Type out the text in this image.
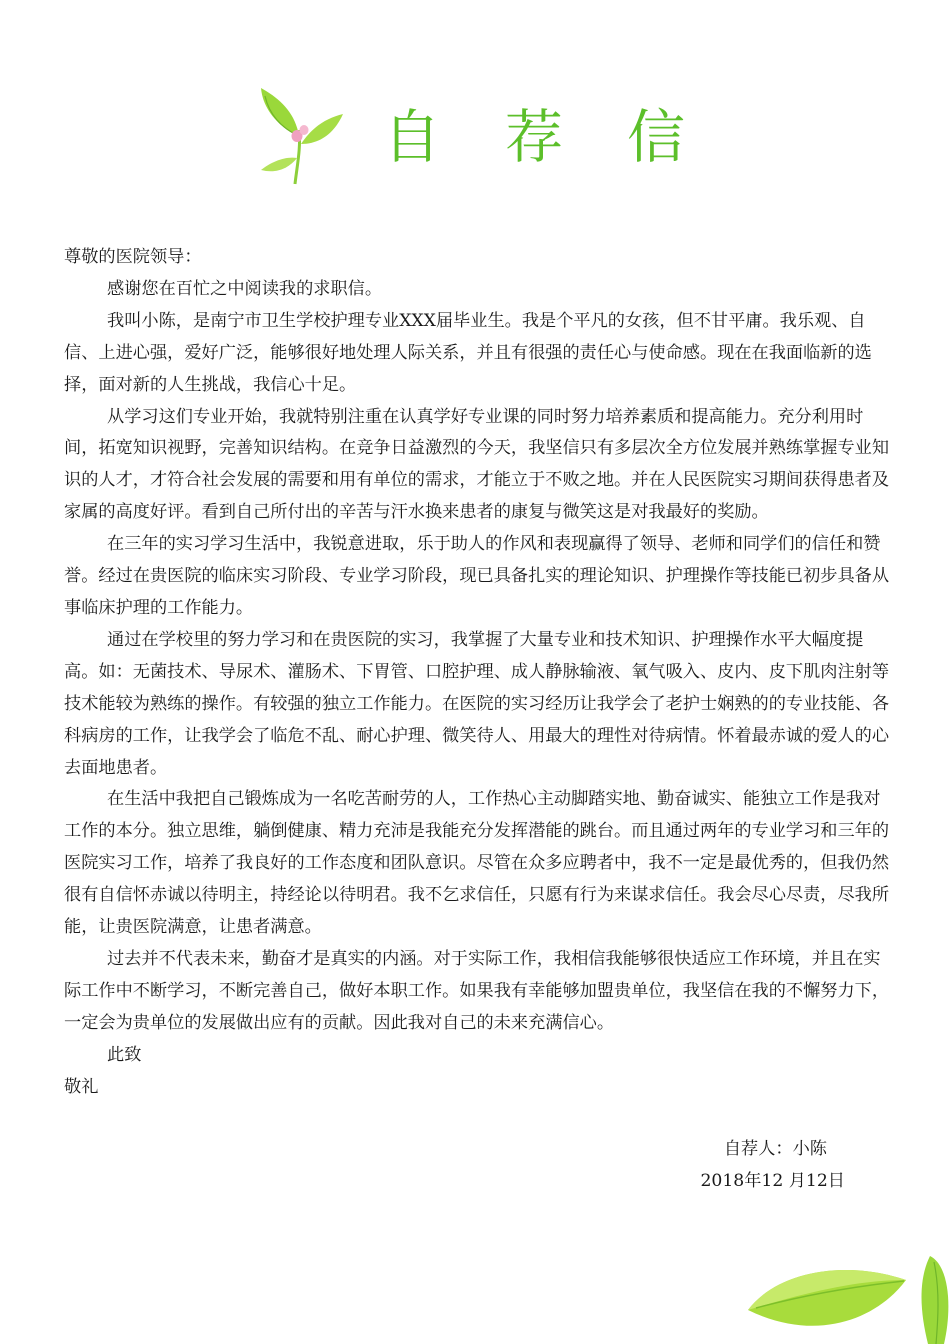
自荐信

尊敬的医院领导：

感谢您在百忙之中阅读我的求职信。

我叫小陈，是南宁市卫生学校护理专业XXX届毕业生。我是个平凡的女孩，但不甘平庸。我乐观、自信、上进心强，爱好广泛，能够很好地处理人际关系，并且有很强的责任心与使命感。现在在我面临新的选择，面对新的人生挑战，我信心十足。

从学习这们专业开始，我就特别注重在认真学好专业课的同时努力培养素质和提高能力。充分利用时间，拓宽知识视野，完善知识结构。在竞争日益激烈的今天，我坚信只有多层次全方位发展并熟练掌握专业知识的人才，才符合社会发展的需要和用有单位的需求，才能立于不败之地。并在人民医院实习期间获得患者及家属的高度好评。看到自己所付出的辛苦与汗水换来患者的康复与微笑这是对我最好的奖励。

在三年的实习学习生活中，我锐意进取，乐于助人的作风和表现赢得了领导、老师和同学们的信任和赞誉。经过在贵医院的临床实习阶段、专业学习阶段，现已具备扎实的理论知识、护理操作等技能已初步具备从事临床护理的工作能力。

通过在学校里的努力学习和在贵医院的实习，我掌握了大量专业和技术知识、护理操作水平大幅度提高。如：无菌技术、导尿术、灌肠术、下胃管、口腔护理、成人静脉输液、氧气吸入、皮内、皮下肌肉注射等技术能较为熟练的操作。有较强的独立工作能力。在医院的实习经历让我学会了老护士娴熟的的专业技能、各科病房的工作，让我学会了临危不乱、耐心护理、微笑待人、用最大的理性对待病情。怀着最赤诚的爱人的心去面地患者。

在生活中我把自己锻炼成为一名吃苦耐劳的人，工作热心主动脚踏实地、勤奋诚实、能独立工作是我对工作的本分。独立思维，躺倒健康、精力充沛是我能充分发挥潜能的跳台。而且通过两年的专业学习和三年的医院实习工作，培养了我良好的工作态度和团队意识。尽管在众多应聘者中，我不一定是最优秀的，但我仍然很有自信怀赤诚以待明主，持经论以待明君。我不乞求信任，只愿有行为来谋求信任。我会尽心尽责，尽我所能，让贵医院满意，让患者满意。

过去并不代表未来，勤奋才是真实的内涵。对于实际工作，我相信我能够很快适应工作环境，并且在实际工作中不断学习，不断完善自己，做好本职工作。如果我有幸能够加盟贵单位，我坚信在我的不懈努力下，一定会为贵单位的发展做出应有的贡献。因此我对自己的未来充满信心。

此致

敬礼

自荐人：小陈
2018年12 月12日
